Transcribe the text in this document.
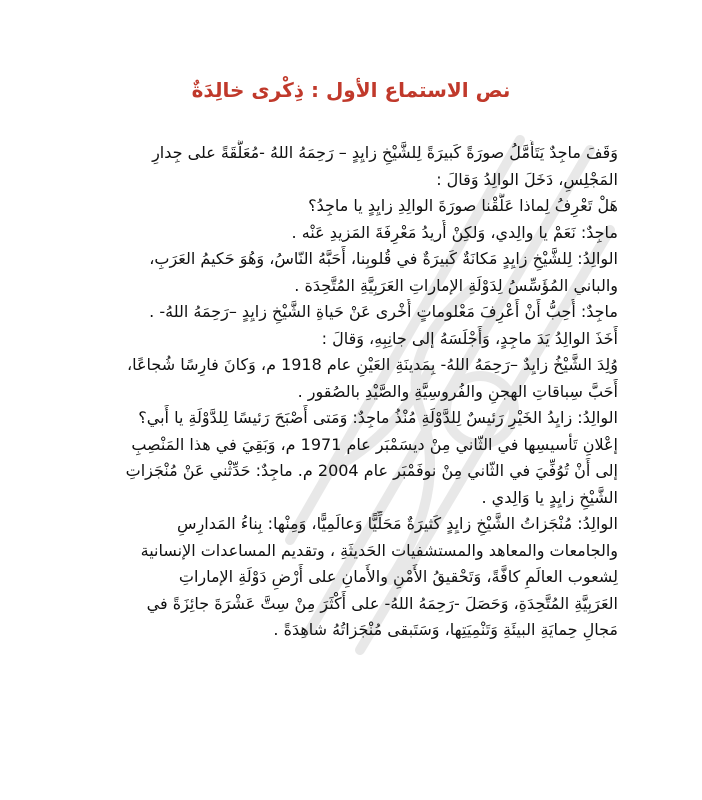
نص الاستماع الأول : ذِكْرى خالِدَةٌ
وَقَفَ ماجِدٌ يَتَأَمَّلُ صورَةً كَبيرَةً لِلشَّيْخِ زايِدٍ – رَحِمَهُ اللهُ -مُعَلَّقَةً على جِدارِ
المَجْلِسِ، دَخَلَ الوالِدُ وَقالَ :
هَلْ تَعْرِفُ لِماذا عَلَّقْنا صورَةَ الوالِدِ زايِدٍ يا ماجِدُ؟
ماجِدٌ: نَعَمْ يا والِدي، وَلكِنْ أُريدُ مَعْرِفَةَ المَزيدِ عَنْه .
الوالِدُ: لِلشَّيْخِ زايِدٍ مَكانَةٌ كَبيرَةٌ في قُلوبِنا، أَحَبَّهُ النّاسُ، وَهُوَ حَكيمُ العَرَبِ،
والباني المُؤَسِّسُ لِدَوْلَةِ الإماراتِ العَرَبِيَّةِ المُتَّحِدَة .
ماجِدٌ: أُحِبُّ أَنْ أَعْرِفَ مَعْلوماتٍ أُخْرى عَنْ حَياةِ الشَّيْخِ زايِدٍ –رَحِمَهُ اللهُ- .
أَخَذَ الوالِدُ يَدَ ماجِدٍ، وَأَجْلَسَهُ إلى جانِبِهِ، وَقالَ :
وُلِدَ الشَّيْخُ زايِدٌ –رَحِمَهُ اللهُ- بِمَدينَةِ العَيْنِ عام 1918 م، وَكانَ فارِسًا شُجاعًا،
أَحَبَّ سِباقاتِ الهجنِ والفُروسِيَّةِ والصَّيْدِ بالصُقور .
الوالِدُ: زايِدُ الخَيْرِ رَئيسٌ لِلدَّوْلَةِ مُنْذُ ماجِدٌ: وَمَتى أَصْبَحَ رَئيسًا لِلدَّوْلَةِ يا أَبي؟
إعْلانِ تَأْسيسِها في الثّاني مِنْ ديسَمْبَر عام 1971 م، وَبَقِيَ في هذا المَنْصِبِ
إلى أَنْ تُوُفِّيَ في الثّاني مِنْ نوفَمْبَر عام 2004 م. ماجِدٌ: حَدِّثْني عَنْ مُنْجَزاتِ
الشَّيْخِ زايِدٍ يا وَالِدي .
الوالِدُ: مُنْجَزاتُ الشَّيْخِ زايِدٍ كَثيرَةٌ مَحَلِّيًّا وَعالَمِيًّا، وَمِنْها: بِناءُ المَدارِسِ
والجامعات والمعاهد والمستشفيات الحَديثَةِ ، وتقديم المساعدات الإنسانية
لِشعوب العالَمِ كافَّةً، وَتَحْقيقُ الأَمْنِ والأَمانِ على أَرْضِ دَوْلَةِ الإماراتِ
العَرَبِيَّةِ المُتَّحِدَةِ، وَحَصَلَ -رَحِمَهُ اللهُ- على أَكْثَرَ مِنْ سِتَّ عَشْرَةَ جائِزَةً في
مَجالِ حِمايَةِ البيئَةِ وَتَنْمِيَتِها، وَسَتَبقى مُنْجَزاتُهُ شاهِدَةً .
